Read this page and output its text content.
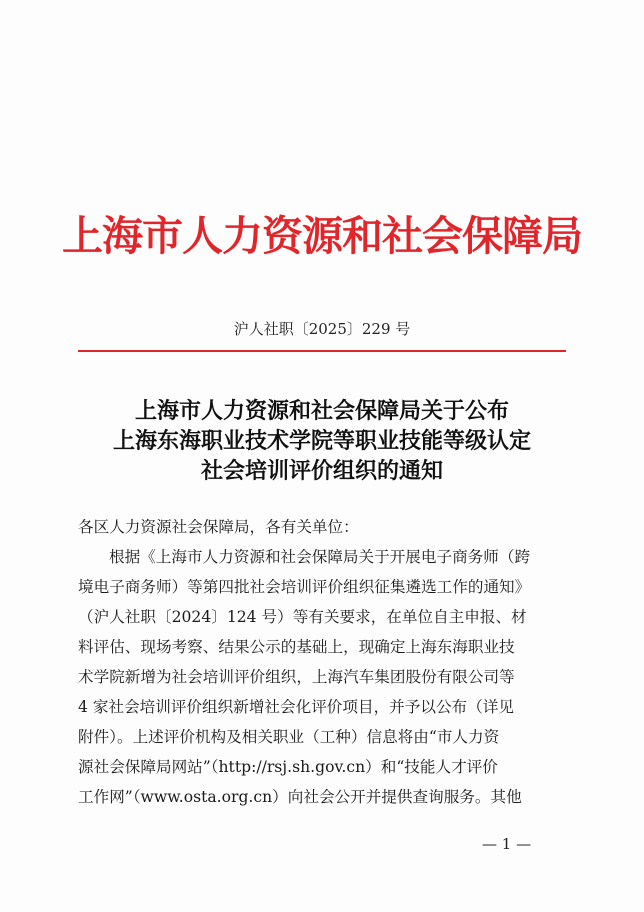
上海市人力资源和社会保障局
沪人社职〔2025〕229 号
上海市人力资源和社会保障局关于公布
上海东海职业技术学院等职业技能等级认定
社会培训评价组织的通知
各区人力资源社会保障局，各有关单位：
根据《上海市人力资源和社会保障局关于开展电子商务师（跨
境电子商务师）等第四批社会培训评价组织征集遴选工作的通知》
（沪人社职〔2024〕124 号）等有关要求，在单位自主申报、材
料评估、现场考察、结果公示的基础上，现确定上海东海职业技
术学院新增为社会培训评价组织，上海汽车集团股份有限公司等
4 家社会培训评价组织新增社会化评价项目，并予以公布（详见
附件）。上述评价机构及相关职业（工种）信息将由“市人力资
源社会保障局网站”（http://rsj.sh.gov.cn）和“技能人才评价
工作网”（www.osta.org.cn）向社会公开并提供查询服务。其他
— 1 —
